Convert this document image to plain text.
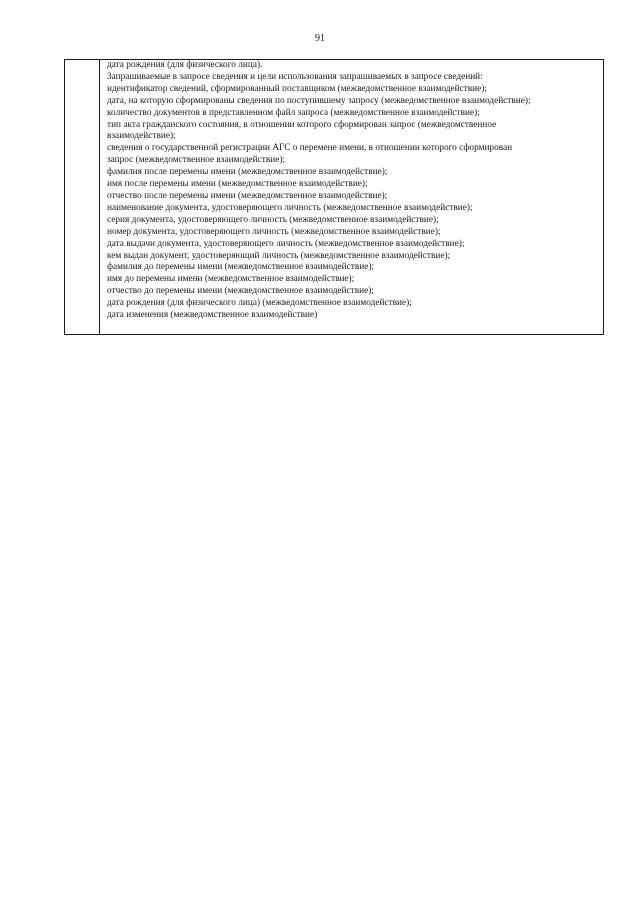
91
дата рождения (для физического лица).
Запрашиваемые в запросе сведения и цели использования запрашиваемых в запросе сведений:
идентификатор сведений, сформированный поставщиком (межведомственное взаимодействие);
дата, на которую сформированы сведения по поступившему запросу (межведомственное взаимодействие);
количество документов в представленном файл запроса (межведомственное взаимодействие);
тип акта гражданского состояния, в отношении которого сформирован запрос (межведомственное
взаимодействие);
сведения о государственной регистрации АГС о перемене имени, в отношении которого сформирован
запрос (межведомственное взаимодействие);
фамилия после перемены имени (межведомственное взаимодействие);
имя после перемены имени (межведомственное взаимодействие);
отчество после перемены имени (межведомственное взаимодействие);
наименование документа, удостоверяющего личность (межведомственное взаимодействие);
серия документа, удостоверяющего личность (межведомственное взаимодействие);
номер документа, удостоверяющего личность (межведомственное взаимодействие);
дата выдачи документа, удостоверяющего личность (межведомственное взаимодействие);
кем выдан документ, удостоверяющий личность (межведомственное взаимодействие);
фамилия до перемены имени (межведомственное взаимодействие);
имя до перемены имени (межведомственное взаимодействие);
отчество до перемены имени (межведомственное взаимодействие);
дата рождения (для физического лица) (межведомственное взаимодействие);
дата изменения (межведомственное взаимодействие)
